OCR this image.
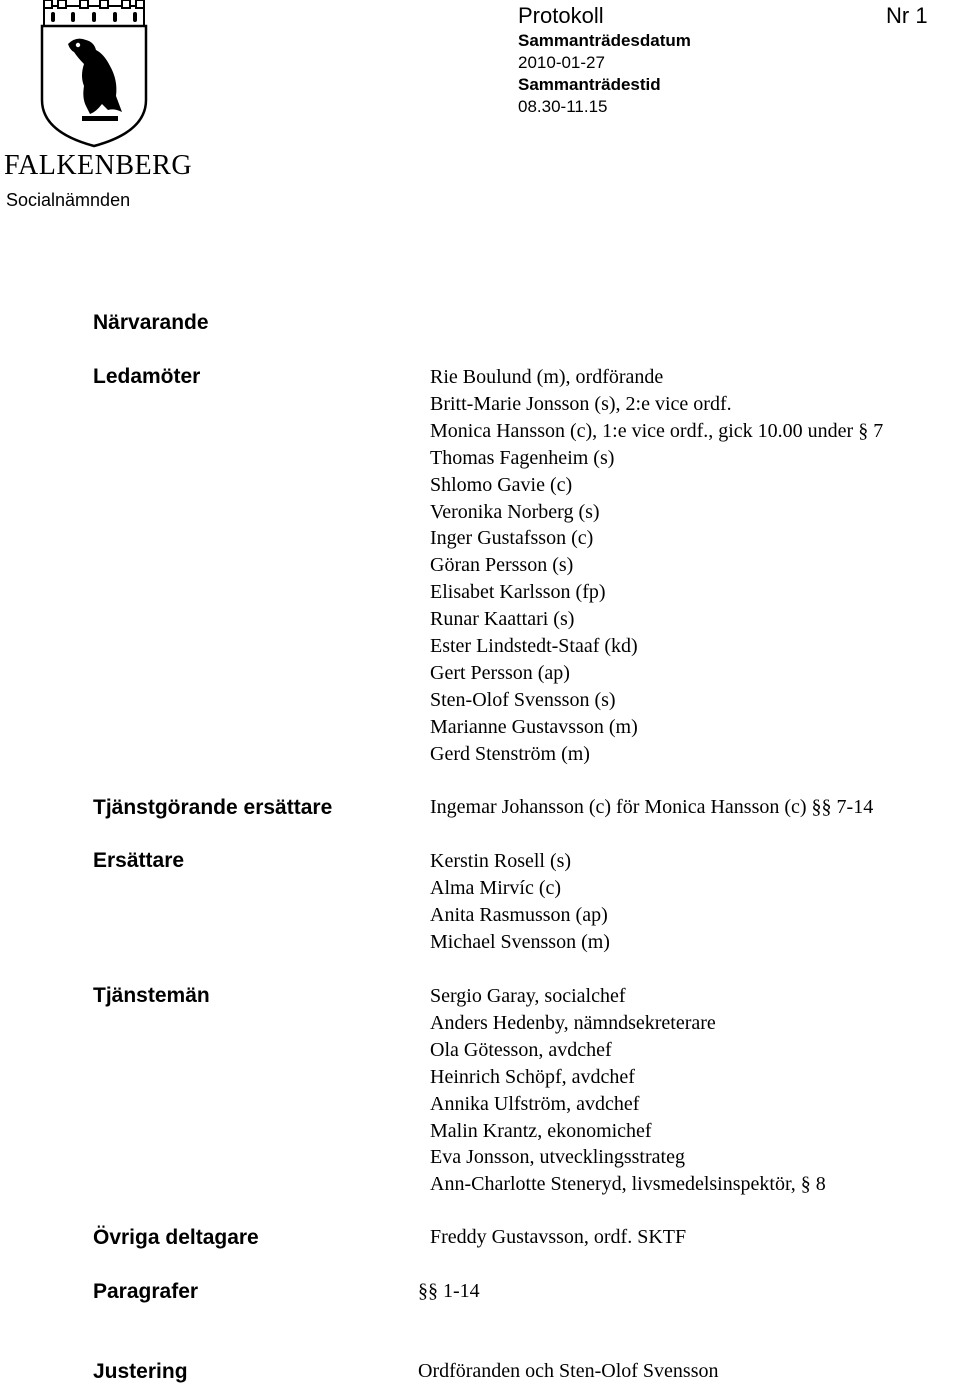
FALKENBERG
Socialnämnden
Protokoll	Nr 1
Sammanträdesdatum
2010-01-27
Sammanträdestid
08.30-11.15
Närvarande
Ledamöter	Rie Boulund (m), ordförande
Britt-Marie Jonsson (s), 2:e vice ordf.
Monica Hansson (c), 1:e vice ordf., gick 10.00 under § 7
Thomas Fagenheim (s)
Shlomo Gavie (c)
Veronika Norberg (s)
Inger Gustafsson (c)
Göran Persson (s)
Elisabet Karlsson (fp)
Runar Kaattari (s)
Ester Lindstedt-Staaf (kd)
Gert Persson (ap)
Sten-Olof Svensson (s)
Marianne Gustavsson (m)
Gerd Stenström (m)
Tjänstgörande ersättare	Ingemar Johansson (c) för Monica Hansson (c) §§ 7-14
Ersättare	Kerstin Rosell (s)
Alma Mirvíc (c)
Anita Rasmusson (ap)
Michael Svensson (m)
Tjänstemän	Sergio Garay, socialchef
Anders Hedenby, nämndsekreterare
Ola Götesson, avdchef
Heinrich Schöpf, avdchef
Annika Ulfström, avdchef
Malin Krantz, ekonomichef
Eva Jonsson, utvecklingsstrateg
Ann-Charlotte Steneryd, livsmedelsinspektör, § 8
Övriga deltagare	Freddy Gustavsson, ordf. SKTF
Paragrafer	§§ 1-14
Justering	Ordföranden och Sten-Olof Svensson
